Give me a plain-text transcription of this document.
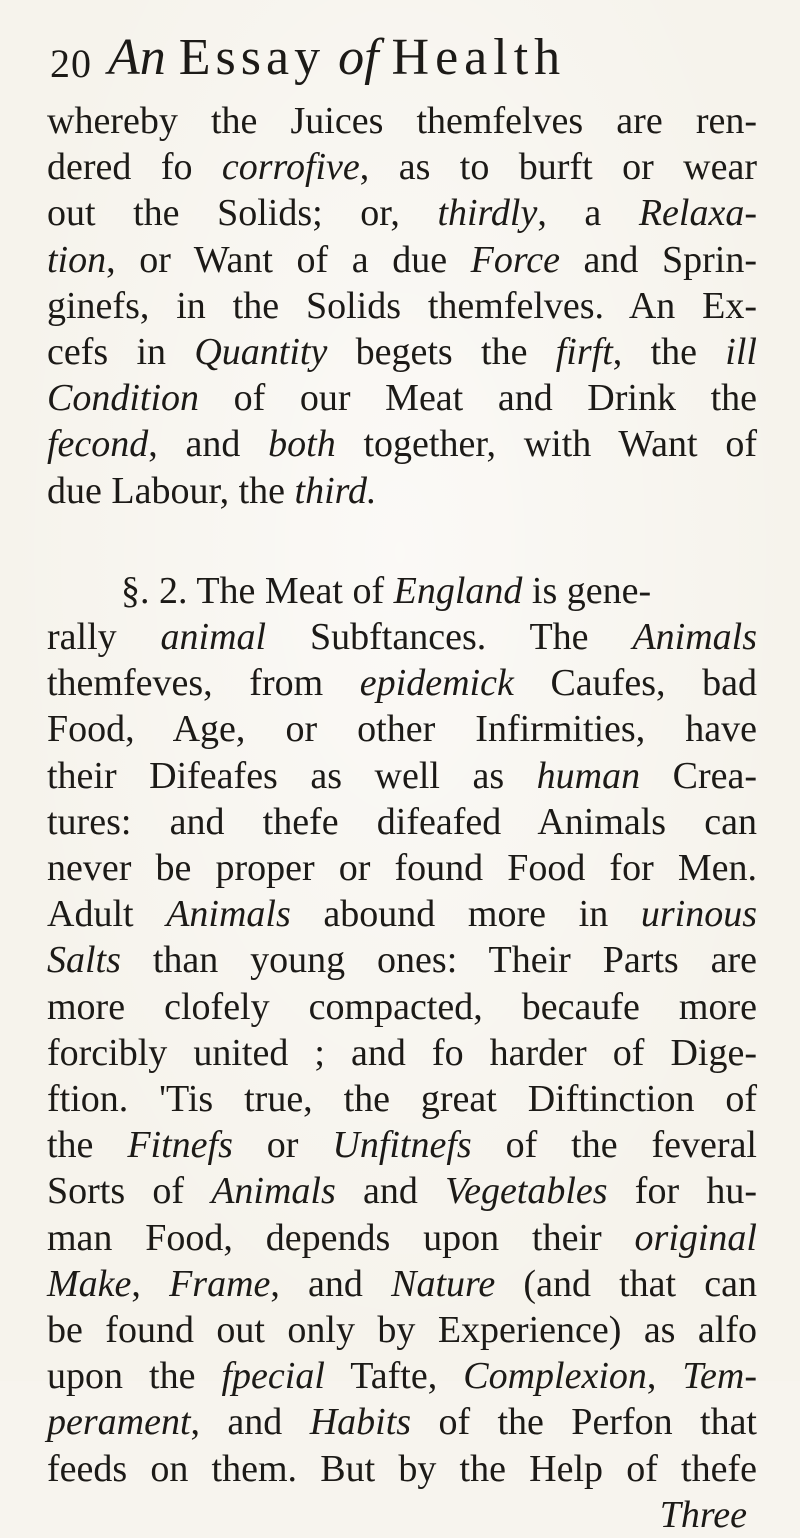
20 An Essay of Health
whereby the Juices themfelves are ren-
dered fo corrofive, as to burft or wear
out the Solids; or, thirdly, a Relaxa-
tion, or Want of a due Force and Sprin-
ginefs, in the Solids themfelves. An Ex-
cefs in Quantity begets the firft, the ill
Condition of our Meat and Drink the
fecond, and both together, with Want of
due Labour, the third.
§. 2. The Meat of England is gene-
rally animal Subftances. The Animals
themfeves, from epidemick Caufes, bad
Food, Age, or other Infirmities, have
their Difeafes as well as human Crea-
tures: and thefe difeafed Animals can
never be proper or found Food for Men.
Adult Animals abound more in urinous
Salts than young ones: Their Parts are
more clofely compacted, becaufe more
forcibly united ; and fo harder of Dige-
ftion. 'Tis true, the great Diftinction of
the Fitnefs or Unfitnefs of the feveral
Sorts of Animals and Vegetables for hu-
man Food, depends upon their original
Make, Frame, and Nature (and that can
be found out only by Experience) as alfo
upon the fpecial Tafte, Complexion, Tem-
perament, and Habits of the Perfon that
feeds on them. But by the Help of thefe
Three
